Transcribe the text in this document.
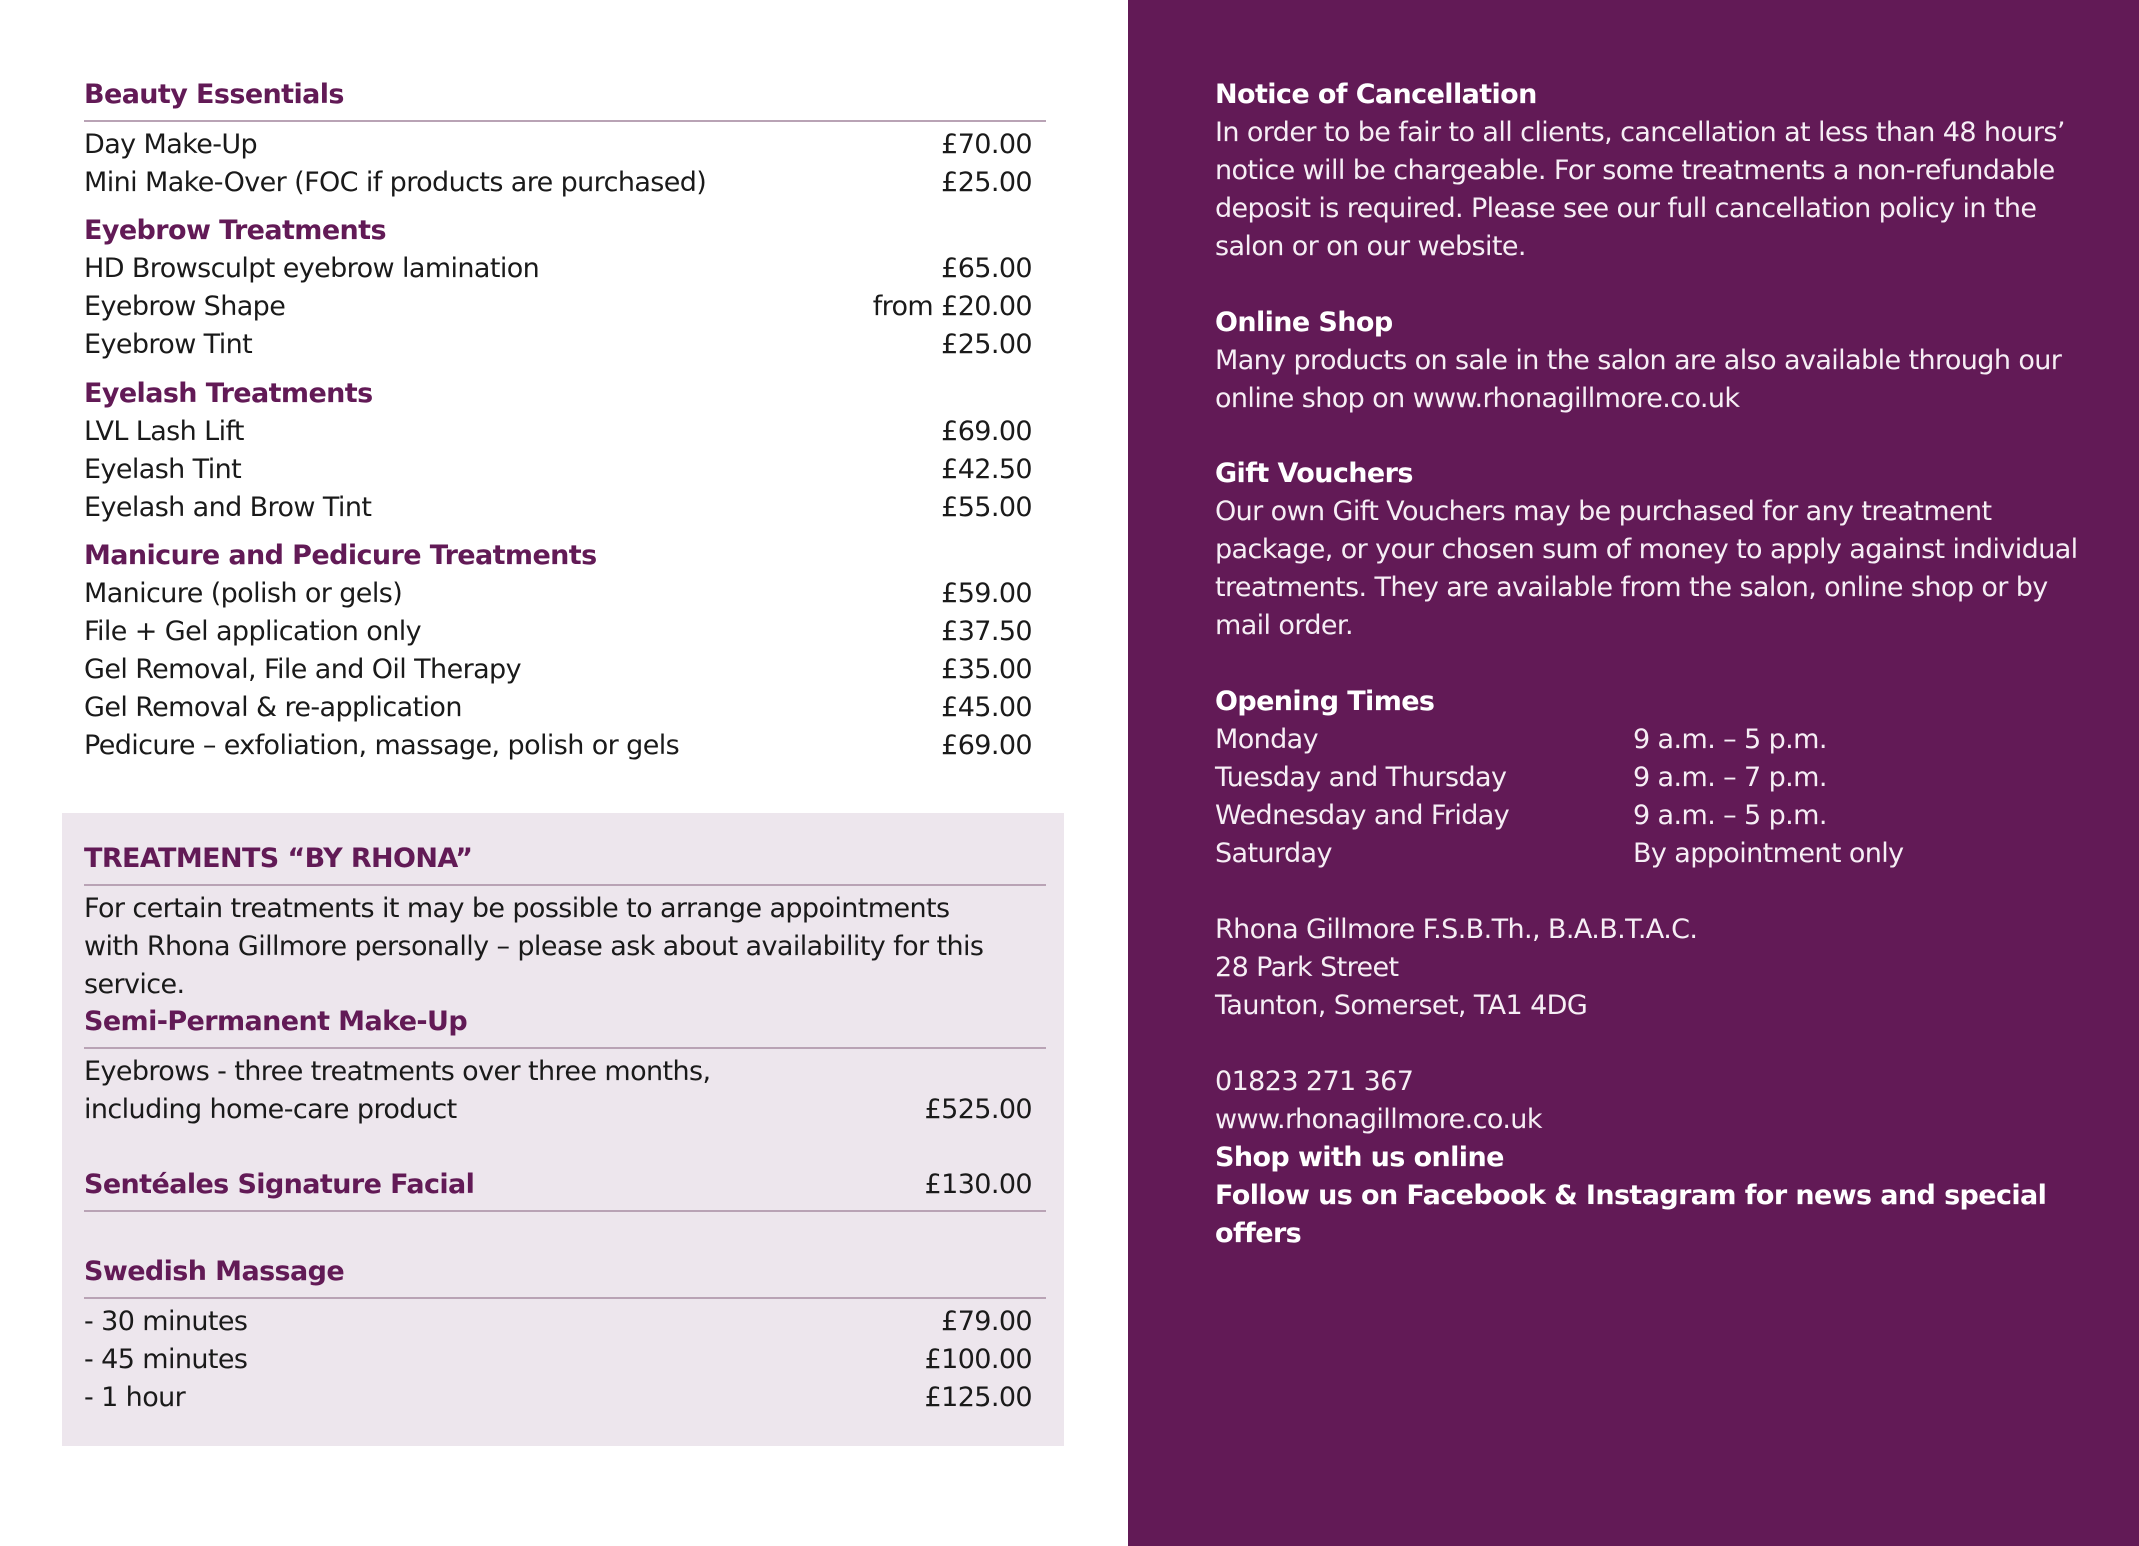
Beauty Essentials
Day Make-Up	£70.00
Mini Make-Over (FOC if products are purchased)	£25.00
Eyebrow Treatments
HD Browsculpt eyebrow lamination	£65.00
Eyebrow Shape	from £20.00
Eyebrow Tint	£25.00
Eyelash Treatments
LVL Lash Lift	£69.00
Eyelash Tint	£42.50
Eyelash and Brow Tint	£55.00
Manicure and Pedicure Treatments
Manicure (polish or gels)	£59.00
File + Gel application only	£37.50
Gel Removal, File and Oil Therapy	£35.00
Gel Removal & re-application	£45.00
Pedicure – exfoliation, massage, polish or gels	£69.00
TREATMENTS “BY RHONA”
For certain treatments it may be possible to arrange appointments with Rhona Gillmore personally – please ask about availability for this service.
Semi-Permanent Make-Up
Eyebrows - three treatments over three months,
including home-care product	£525.00
Sentéales Signature Facial	£130.00
Swedish Massage
- 30 minutes	£79.00
- 45 minutes	£100.00
- 1 hour	£125.00
Notice of Cancellation
In order to be fair to all clients, cancellation at less than 48 hours’
notice will be chargeable. For some treatments a non-refundable
deposit is required. Please see our full cancellation policy in the
salon or on our website.
Online Shop
Many products on sale in the salon are also available through our
online shop on www.rhonagillmore.co.uk
Gift Vouchers
Our own Gift Vouchers may be purchased for any treatment
package, or your chosen sum of money to apply against individual
treatments. They are available from the salon, online shop or by
mail order.
Opening Times
Monday	9 a.m. – 5 p.m.
Tuesday and Thursday	9 a.m. – 7 p.m.
Wednesday and Friday	9 a.m. – 5 p.m.
Saturday	By appointment only
Rhona Gillmore F.S.B.Th., B.A.B.T.A.C.
28 Park Street
Taunton, Somerset, TA1 4DG
01823 271 367
www.rhonagillmore.co.uk
Shop with us online
Follow us on Facebook & Instagram for news and special offers
